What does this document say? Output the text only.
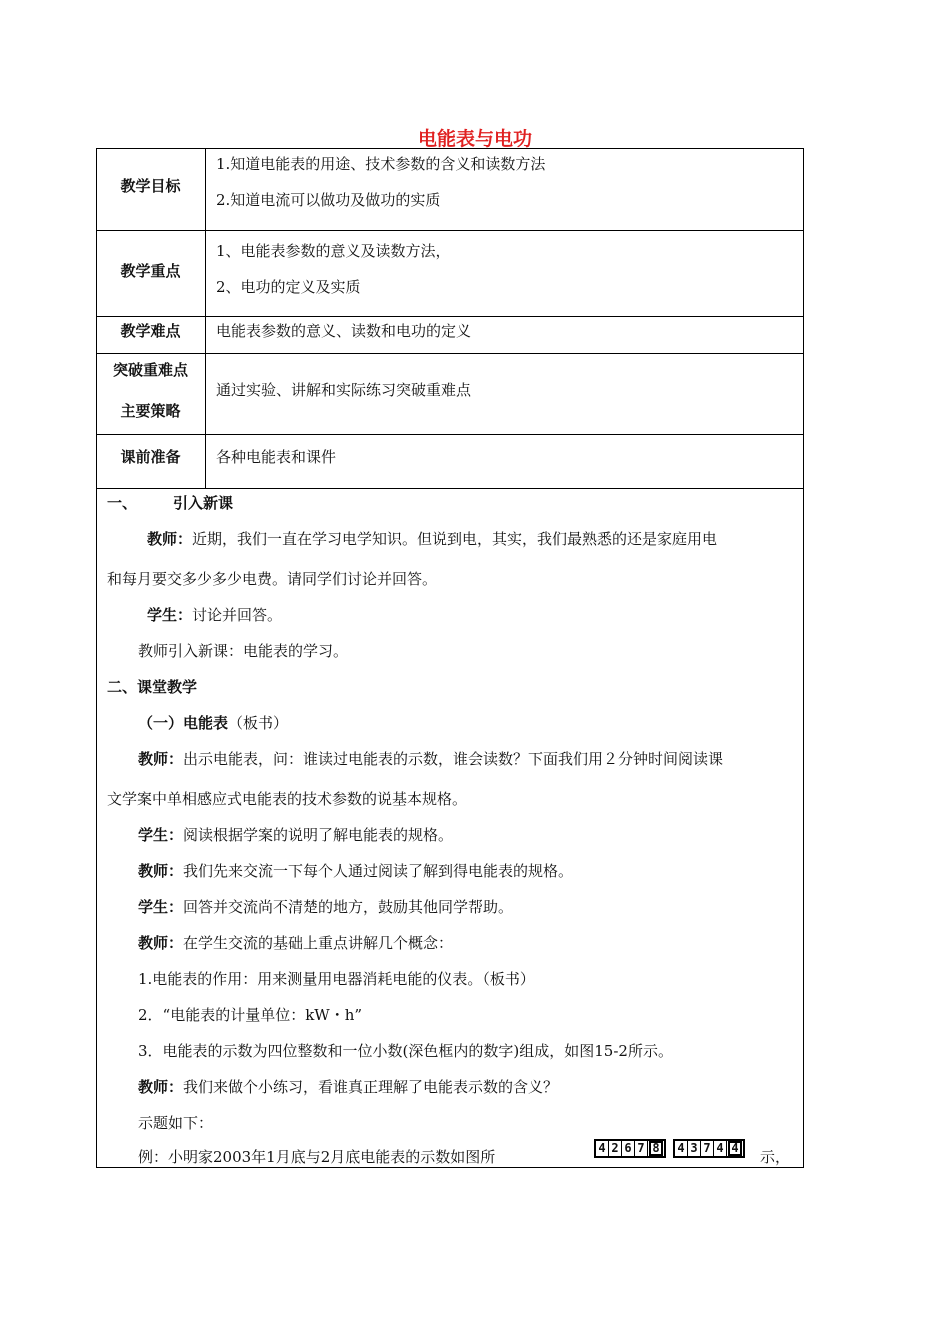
电能表与电功
教学目标
1.知道电能表的用途、技术参数的含义和读数方法
2.知道电流可以做功及做功的实质
教学重点
1、电能表参数的意义及读数方法，
2、电功的定义及实质
教学难点	电能表参数的意义、读数和电功的定义
突破重难点
主要策略
通过实验、讲解和实际练习突破重难点
课前准备	各种电能表和课件
一、 引入新课
教师：近期，我们一直在学习电学知识。但说到电，其实，我们最熟悉的还是家庭用电
和每月要交多少多少电费。请同学们讨论并回答。
学生：讨论并回答。
教师引入新课：电能表的学习。
二、课堂教学
（一）电能表（板书）
教师：出示电能表，问：谁读过电能表的示数，谁会读数？下面我们用２分钟时间阅读课
文学案中单相感应式电能表的技术参数的说基本规格。
学生：阅读根据学案的说明了解电能表的规格。
教师：我们先来交流一下每个人通过阅读了解到得电能表的规格。
学生：回答并交流尚不清楚的地方，鼓励其他同学帮助。
教师：在学生交流的基础上重点讲解几个概念：
1.电能表的作用：用来测量用电器消耗电能的仪表。（板书）
2．“电能表的计量单位：kW・h”
3．电能表的示数为四位整数和一位小数(深色框内的数字)组成，如图15-2所示。
教师：我们来做个小练习，看谁真正理解了电能表示数的含义？
示题如下：
例：小明家2003年1月底与2月底电能表的示数如图所
4 2 6 7 8 4 3 7 4 4
示，
